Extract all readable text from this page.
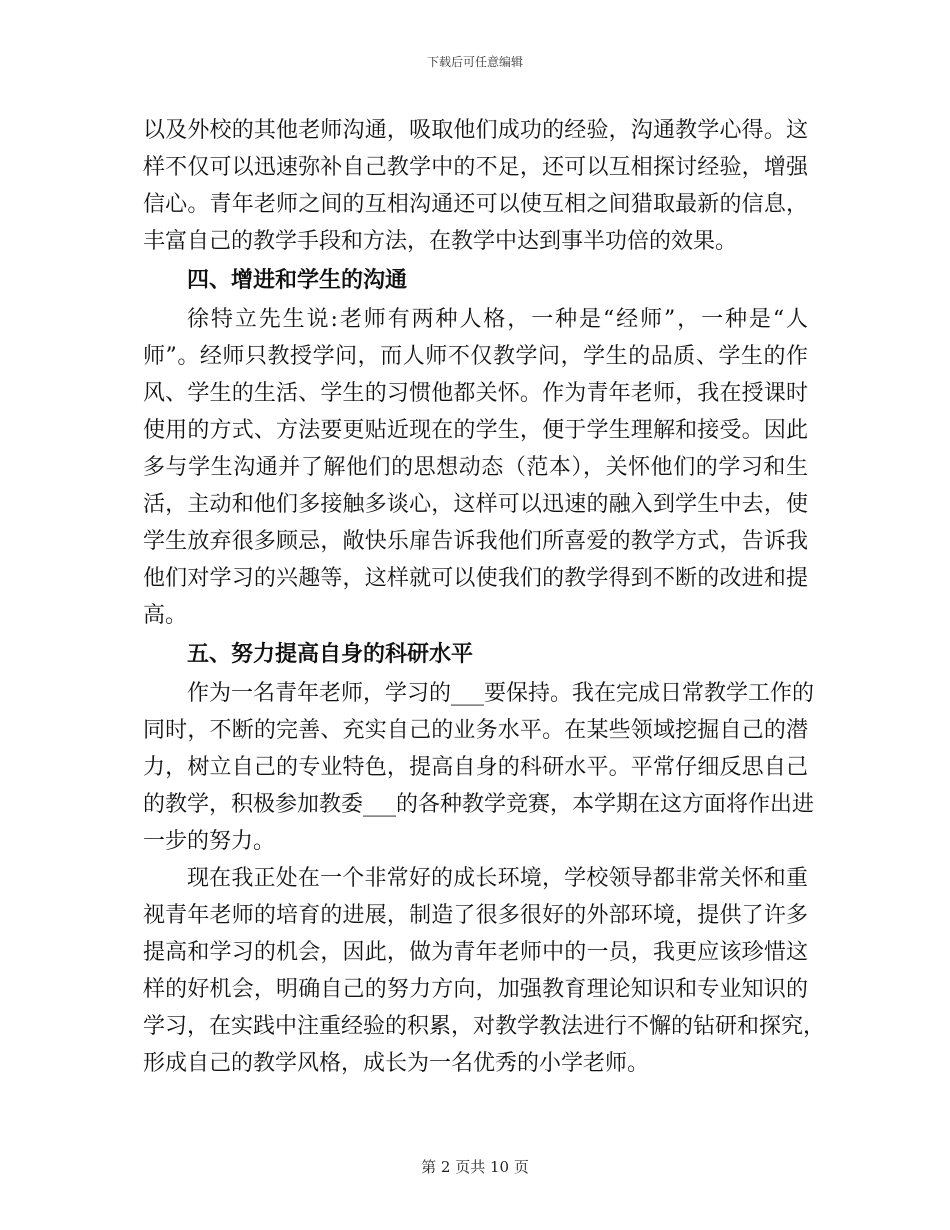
下载后可任意编辑
以及外校的其他老师沟通，吸取他们成功的经验，沟通教学心得。这
样不仅可以迅速弥补自己教学中的不足，还可以互相探讨经验，增强
信心。青年老师之间的互相沟通还可以使互相之间猎取最新的信息，
丰富自己的教学手段和方法，在教学中达到事半功倍的效果。
四、增进和学生的沟通
徐特立先生说:老师有两种人格，一种是“经师”，一种是“人
师”。经师只教授学问，而人师不仅教学问，学生的品质、学生的作
风、学生的生活、学生的习惯他都关怀。作为青年老师，我在授课时
使用的方式、方法要更贴近现在的学生，便于学生理解和接受。因此
多与学生沟通并了解他们的思想动态（范本），关怀他们的学习和生
活，主动和他们多接触多谈心，这样可以迅速的融入到学生中去，使
学生放弃很多顾忌，敞快乐扉告诉我他们所喜爱的教学方式，告诉我
他们对学习的兴趣等，这样就可以使我们的教学得到不断的改进和提
高。
五、努力提高自身的科研水平
作为一名青年老师，学习的___要保持。我在完成日常教学工作的
同时，不断的完善、充实自己的业务水平。在某些领域挖掘自己的潜
力，树立自己的专业特色，提高自身的科研水平。平常仔细反思自己
的教学，积极参加教委___的各种教学竞赛，本学期在这方面将作出进
一步的努力。
现在我正处在一个非常好的成长环境，学校领导都非常关怀和重
视青年老师的培育的进展，制造了很多很好的外部环境，提供了许多
提高和学习的机会，因此，做为青年老师中的一员，我更应该珍惜这
样的好机会，明确自己的努力方向，加强教育理论知识和专业知识的
学习，在实践中注重经验的积累，对教学教法进行不懈的钻研和探究，
形成自己的教学风格，成长为一名优秀的小学老师。
第 2 页共 10 页
